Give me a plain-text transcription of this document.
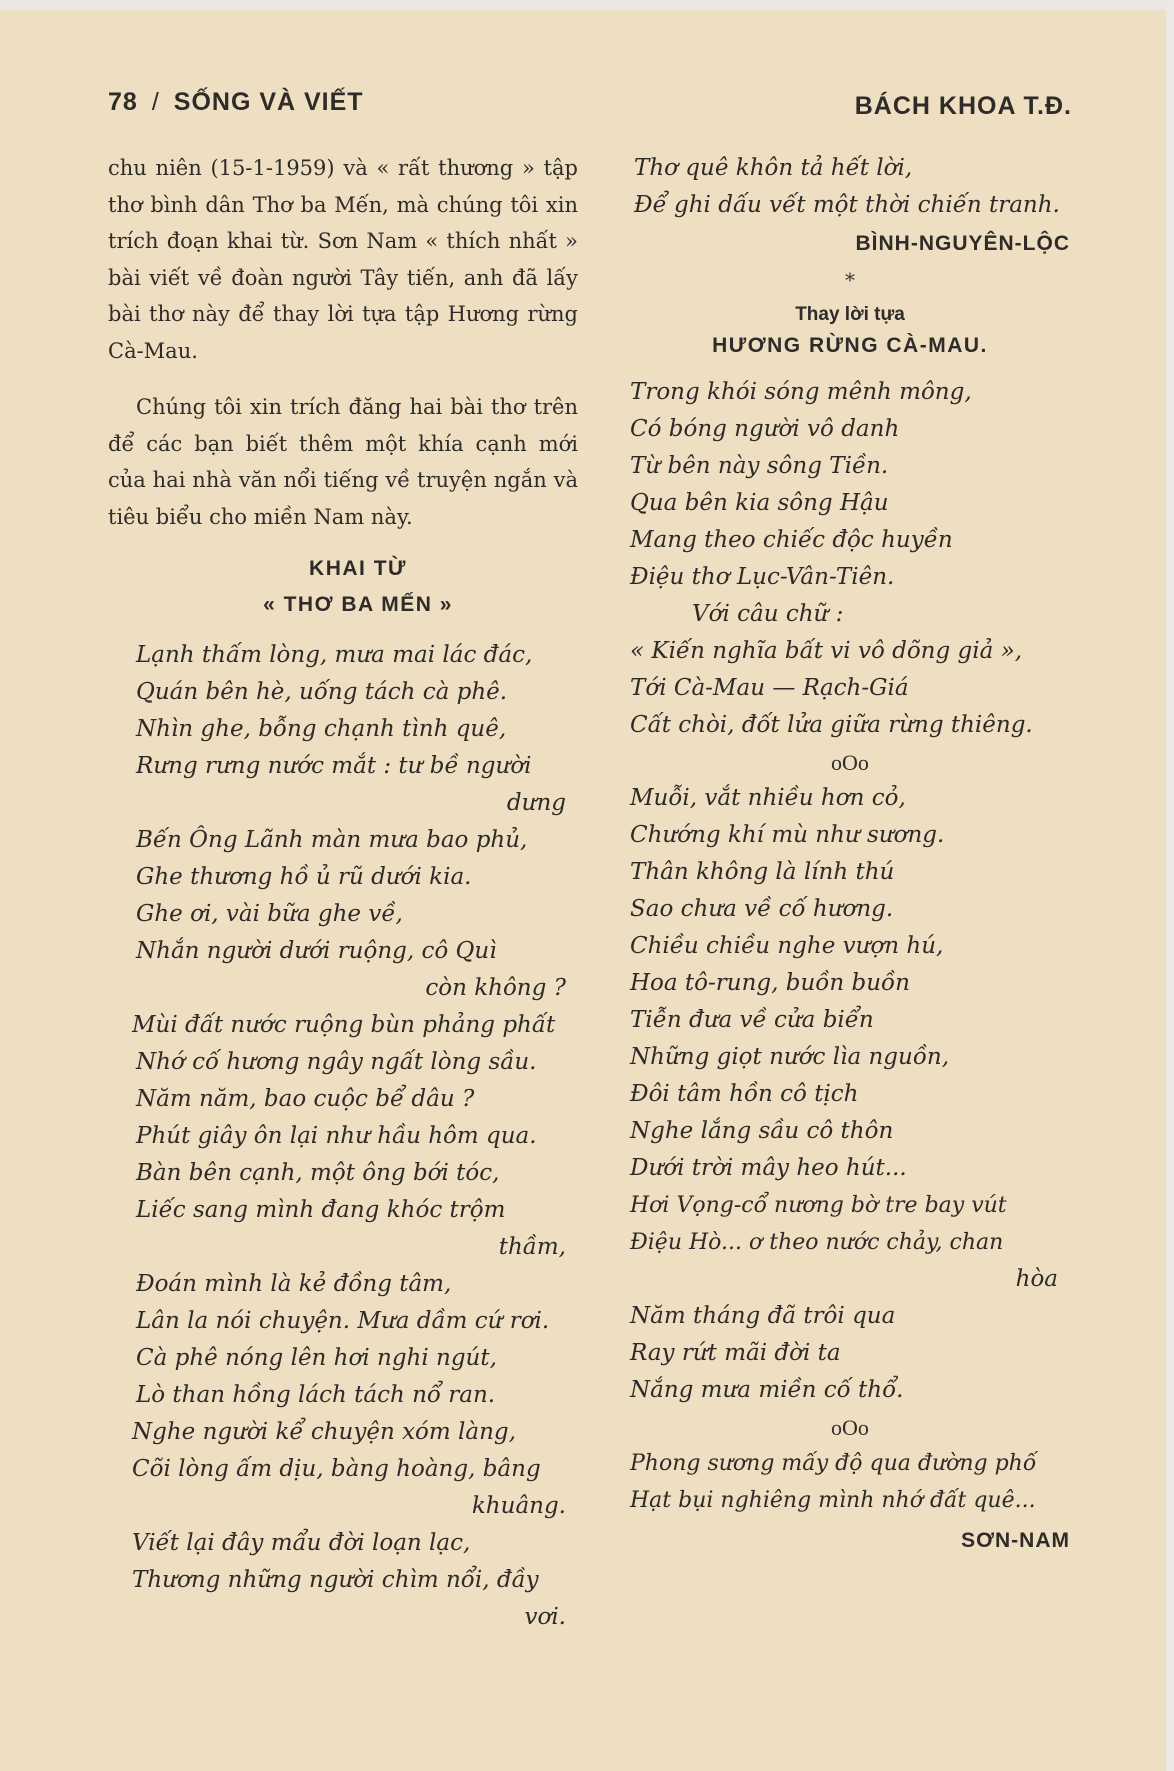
78 / SỐNG VÀ VIẾT	BÁCH KHOA T.Đ.

chu niên (15-1-1959) và « rất thương » tập thơ bình dân Thơ ba Mến, mà chúng tôi xin trích đoạn khai từ. Sơn Nam « thích nhất » bài viết về đoàn người Tây tiến, anh đã lấy bài thơ này để thay lời tựa tập Hương rừng Cà-Mau.

Chúng tôi xin trích đăng hai bài thơ trên để các bạn biết thêm một khía cạnh mới của hai nhà văn nổi tiếng về truyện ngắn và tiêu biểu cho miền Nam này.

KHAI TỪ
« THƠ BA MẾN »
Lạnh thấm lòng, mưa mai lác đác,
Quán bên hè, uống tách cà phê.
Nhìn ghe, bỗng chạnh tình quê,
Rưng rưng nước mắt : tư bề người
dưng
Bến Ông Lãnh màn mưa bao phủ,
Ghe thương hồ ủ rũ dưới kia.
Ghe ơi, vài bữa ghe về,
Nhắn người dưới ruộng, cô Quì
còn không ?
Mùi đất nước ruộng bùn phảng phất
Nhớ cố hương ngây ngất lòng sầu.
Năm năm, bao cuộc bể dâu ?
Phút giây ôn lại như hầu hôm qua.
Bàn bên cạnh, một ông bới tóc,
Liếc sang mình đang khóc trộm
thầm,
Đoán mình là kẻ đồng tâm,
Lân la nói chuyện. Mưa dầm cứ rơi.
Cà phê nóng lên hơi nghi ngút,
Lò than hồng lách tách nổ ran.
Nghe người kể chuyện xóm làng,
Cõi lòng ấm dịu, bàng hoàng, bâng
khuâng.
Viết lại đây mẩu đời loạn lạc,
Thương những người chìm nổi, đầy
vơi.
Thơ quê khôn tả hết lời,
Để ghi dấu vết một thời chiến tranh.
BÌNH-NGUYÊN-LỘC
*
Thay lời tựa
HƯƠNG RỪNG CÀ-MAU.
Trong khói sóng mênh mông,
Có bóng người vô danh
Từ bên này sông Tiền.
Qua bên kia sông Hậu
Mang theo chiếc độc huyền
Điệu thơ Lục-Vân-Tiên.
Với câu chữ :
« Kiến nghĩa bất vi vô dõng giả »,
Tới Cà-Mau — Rạch-Giá
Cất chòi, đốt lửa giữa rừng thiêng.
oOo
Muỗi, vắt nhiều hơn cỏ,
Chướng khí mù như sương.
Thân không là lính thú
Sao chưa về cố hương.
Chiều chiều nghe vượn hú,
Hoa tô-rung, buồn buồn
Tiễn đưa về cửa biển
Những giọt nước lìa nguồn,
Đôi tâm hồn cô tịch
Nghe lắng sầu cô thôn
Dưới trời mây heo hút...
Hơi Vọng-cổ nương bờ tre bay vút
Điệu Hò... ơ theo nước chảy, chan
hòa
Năm tháng đã trôi qua
Ray rứt mãi đời ta
Nắng mưa miền cố thổ.
oOo
Phong sương mấy độ qua đường phố
Hạt bụi nghiêng mình nhớ đất quê...
SƠN-NAM
